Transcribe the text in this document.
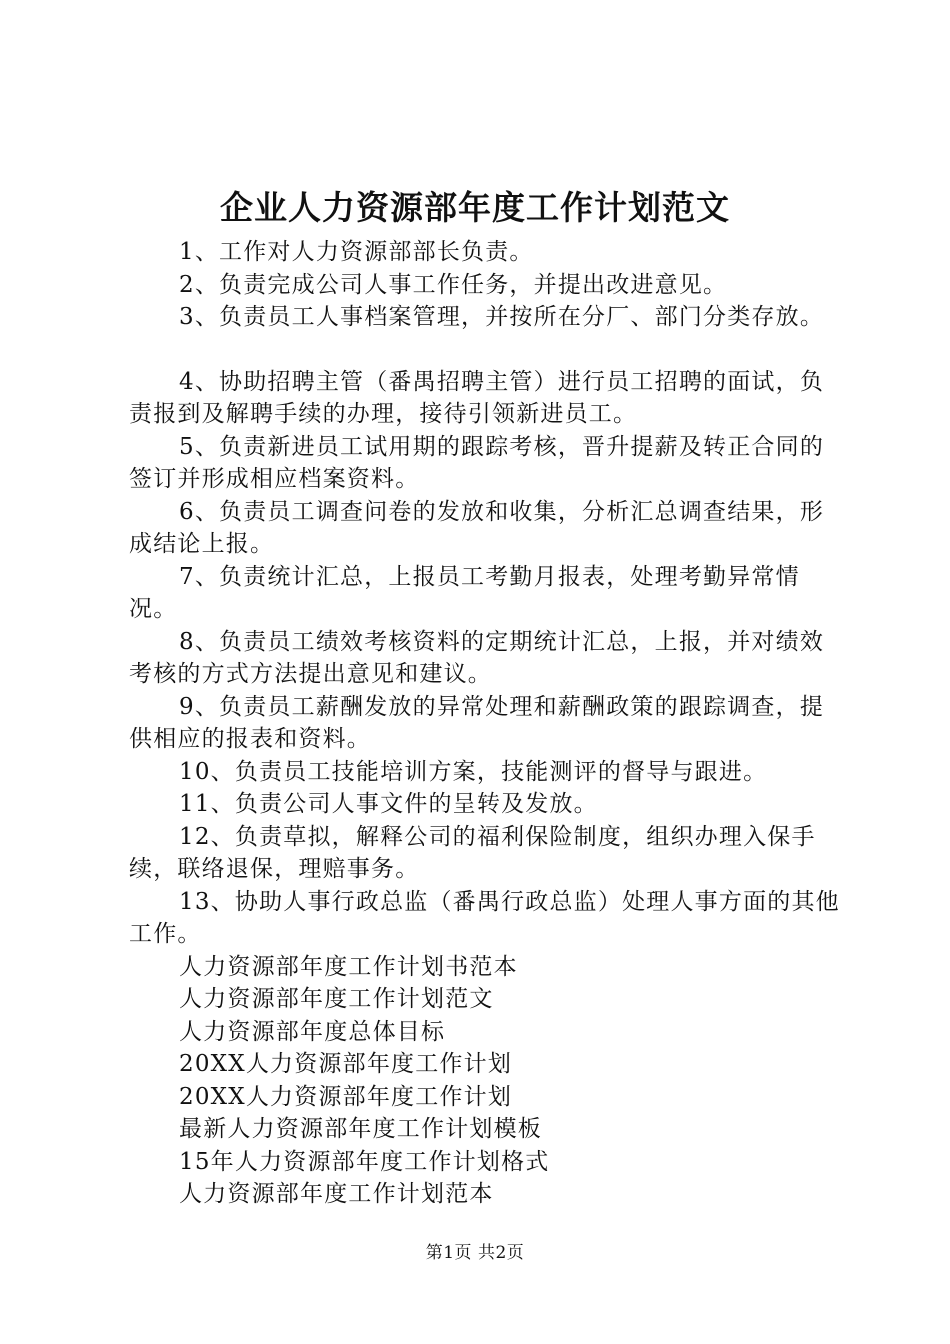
企业人力资源部年度工作计划范文

1、工作对人力资源部部长负责。

2、负责完成公司人事工作任务，并提出改进意见。

3、负责员工人事档案管理，并按所在分厂、部门分类存放。

4、协助招聘主管（番禺招聘主管）进行员工招聘的面试，负责报到及解聘手续的办理，接待引领新进员工。

5、负责新进员工试用期的跟踪考核，晋升提薪及转正合同的签订并形成相应档案资料。

6、负责员工调查问卷的发放和收集，分析汇总调查结果，形成结论上报。

7、负责统计汇总，上报员工考勤月报表，处理考勤异常情况。

8、负责员工绩效考核资料的定期统计汇总，上报，并对绩效考核的方式方法提出意见和建议。

9、负责员工薪酬发放的异常处理和薪酬政策的跟踪调查，提供相应的报表和资料。

10、负责员工技能培训方案，技能测评的督导与跟进。

11、负责公司人事文件的呈转及发放。

12、负责草拟，解释公司的福利保险制度，组织办理入保手续，联络退保，理赔事务。

13、协助人事行政总监（番禺行政总监）处理人事方面的其他工作。

人力资源部年度工作计划书范本
人力资源部年度工作计划范文
人力资源部年度总体目标
20XX人力资源部年度工作计划
20XX人力资源部年度工作计划
最新人力资源部年度工作计划模板
15年人力资源部年度工作计划格式
人力资源部年度工作计划范本
第1页 共2页
